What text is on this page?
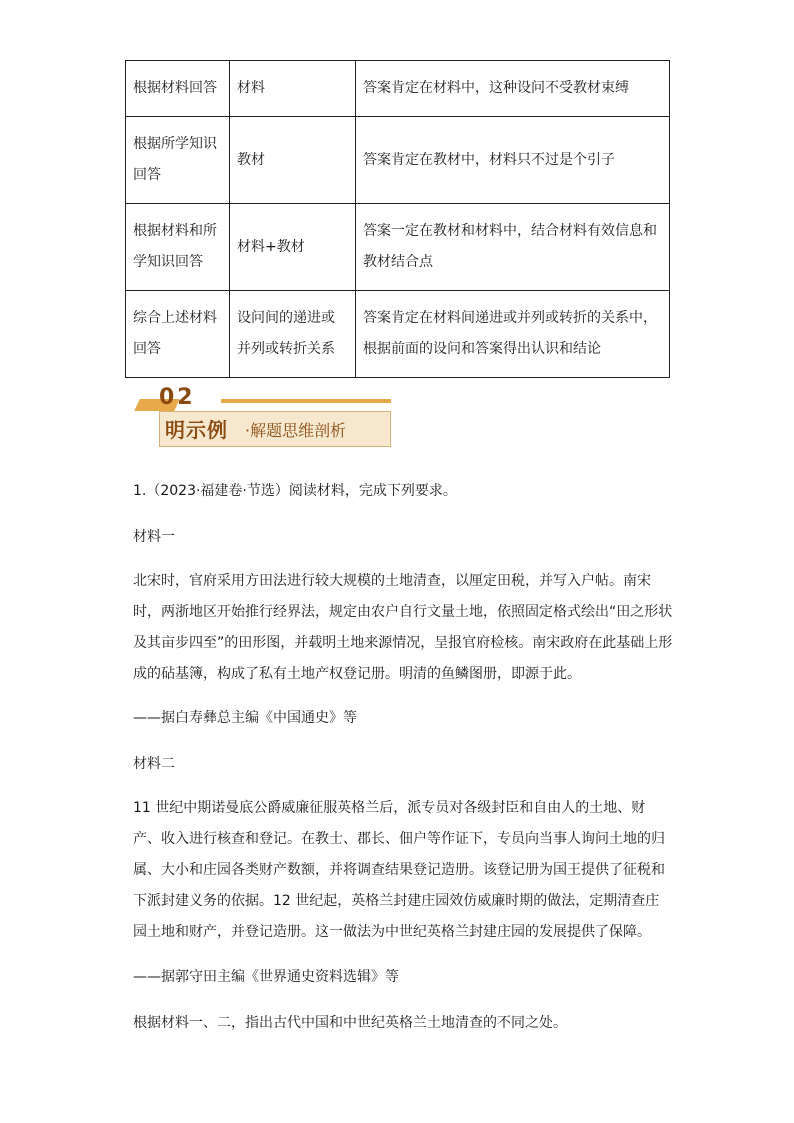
根据材料回答	材料	答案肯定在材料中，这种设问不受教材束缚
根据所学知识回答	教材	答案肯定在教材中，材料只不过是个引子
根据材料和所学知识回答	材料+教材	答案一定在教材和材料中，结合材料有效信息和教材结合点
综合上述材料回答	设问间的递进或并列或转折关系	答案肯定在材料间递进或并列或转折的关系中，根据前面的设问和答案得出认识和结论
02
明示例 ·解题思维剖析
1.（2023·福建卷·节选）阅读材料，完成下列要求。
材料一
北宋时，官府采用方田法进行较大规模的土地清查，以厘定田税，并写入户帖。南宋时，两浙地区开始推行经界法，规定由农户自行文量土地，依照固定格式绘出“田之形状及其亩步四至”的田形图，并载明土地来源情况，呈报官府检核。南宋政府在此基础上形成的砧基簿，构成了私有土地产权登记册。明清的鱼鳞图册，即源于此。
——据白寿彝总主编《中国通史》等
材料二
11 世纪中期诺曼底公爵威廉征服英格兰后，派专员对各级封臣和自由人的土地、财产、收入进行核查和登记。在教士、郡长、佃户等作证下，专员向当事人询问土地的归属、大小和庄园各类财产数额，并将调查结果登记造册。该登记册为国王提供了征税和下派封建义务的依据。12 世纪起，英格兰封建庄园效仿威廉时期的做法，定期清查庄园土地和财产，并登记造册。这一做法为中世纪英格兰封建庄园的发展提供了保障。
——据郭守田主编《世界通史资料选辑》等
根据材料一、二，指出古代中国和中世纪英格兰土地清查的不同之处。
